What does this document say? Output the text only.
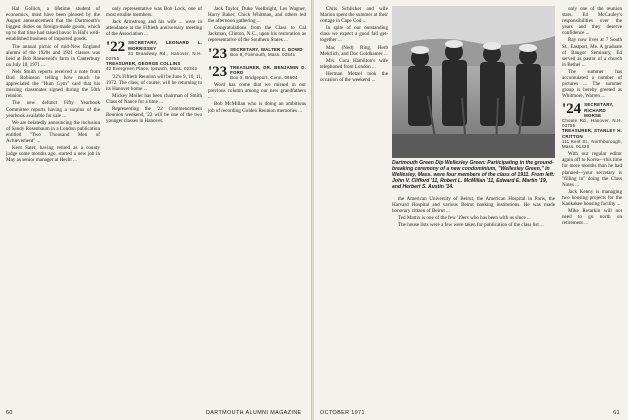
Hal Gollich, a lifetime student of economics, must have been pleased by the August announcement that the Dartmouth's biggest duties on foreign-made goods, which up to that time had raised havoc in Hal's well-established business of imported goods.

The annual picnic of mid-New England alumni of the 1920s and 1921 classes was held at Bob Roeseveld's farm in Canterbury on July 18, 1971 ...

Nels Smith reports received a note from Bud Robinson telling how much he appreciated the "Hum Gym" card that his missing classmates signed during the 50th reunion.

The new defunct Fifty Yearbook Committee reports having a surplus of the yearbook available for sale ...

We are belatedly announcing the inclusion of Sandy Rosenbaum in a London publication entitled "Two Thousand Men of Achievement" ...

Kent Sater, having retired as a county judge some months ago, started a new job in May as senior manager at Hecht ...

only representative was Bob Lock, one of most erudite members.

Jack Armstrong and his wife ... were in attendance at the Fiftieth anniversary meeting of the Association ...

'22 SECRETARY, LEONARD L. MORRISSEY
31 Broadway Rd., Hanover, N.H. 03755

TREASURER, GEORGE COLLINS
42 Evergreen Place, Ipswich, Mass. 02342

'22's Fiftieth Reunion will be June 9, 10, 11, 1972. The class, of course, will be returning to its Hanover home ...

Mickey Moller has been chairman of Smith Class of Nance for a time ...

Representing the '22 Commencement Reunion weekend, '22 will be one of the two younger classes in Hanover.

Jack Taylor, Duke Voelbright, Les Wagner, Harry Baker, Chick Whitman, and others led the afternoon gathering ...

Congratulations from the Class to Cal Jackman, Clinton, N.C., upon his restoration as representative of the Southern States ...

'23 SECRETARY, WALTER C. DOWD
Box 8, Falmouth, Mass. 02541
'23 TREASURER, DR. BENJAMIN D. FORD
Box 3, Bridgeport, Conn. 06604

Word has come that we missed in our previous column among our new grandfathers ...

Bob McMillan who is doing an ambitious job of recording Golden Reunion memories ...

60	DARTMOUTH ALUMNI MAGAZINE

Chris Schlicker and wife Marion spent the summer at their cottage in Cape Cod ...

In spite of our outstanding class we expect a good fall get-together ...

Mac (Ned) Ring, Herb Mehrlich, and Doc Goldhamer ...

Mrs. Cora Hamilton's wife telephoned from London ...

Herman Metzel took the occasion of the weekend ...

Dartmouth Green Dip Wellesley Green: Participating in the ground-breaking ceremony of a new condominium, "Wellesley Green," in Wellesley, Mass. were four members of the class of 1911. From left: John V. Clifford '11, Robert L. McMillan '11, Edward E. Martin '19, and Herbert S. Austin '14.

the American University of Beirut, the American Hospital in Paris, the Harvard Hospital and various Beirut banking institutions. He was made honorary citizen of Beirut ...

Ted Mattix is one of the few '19ers who has been with us since ...

The house lists were a few were taken for publication of the class list ...

only one of the reunion stars. Ed McCauley's responsibilities over the years and they deserve confidence ...

Ray now lives at 7 South St., Eastport, Me. A graduate of Bangor Seminary, Ed served as pastor of a church in Bethel ...

The summer has accumulated a number of pictures ... The summer group is hereby greeted as Whitmore, Warren ...

'24 SECRETARY, RICHARD MORSE
Choate Rd., Hanover, N.H. 03755

TREASURER, STANLEY H. CRITTON
111 Kent St., Northborough, Mass. 01420

With our regular editor again off to Korea—this time for more months than he had planned—your secretary is "filling in" doing the Class Notes ...

Jack Kenny is managing two housing projects for the Kankakee housing facility ...

Mike Rotarkin will not need to go north on retirement ...

OCTOBER 1971	61
